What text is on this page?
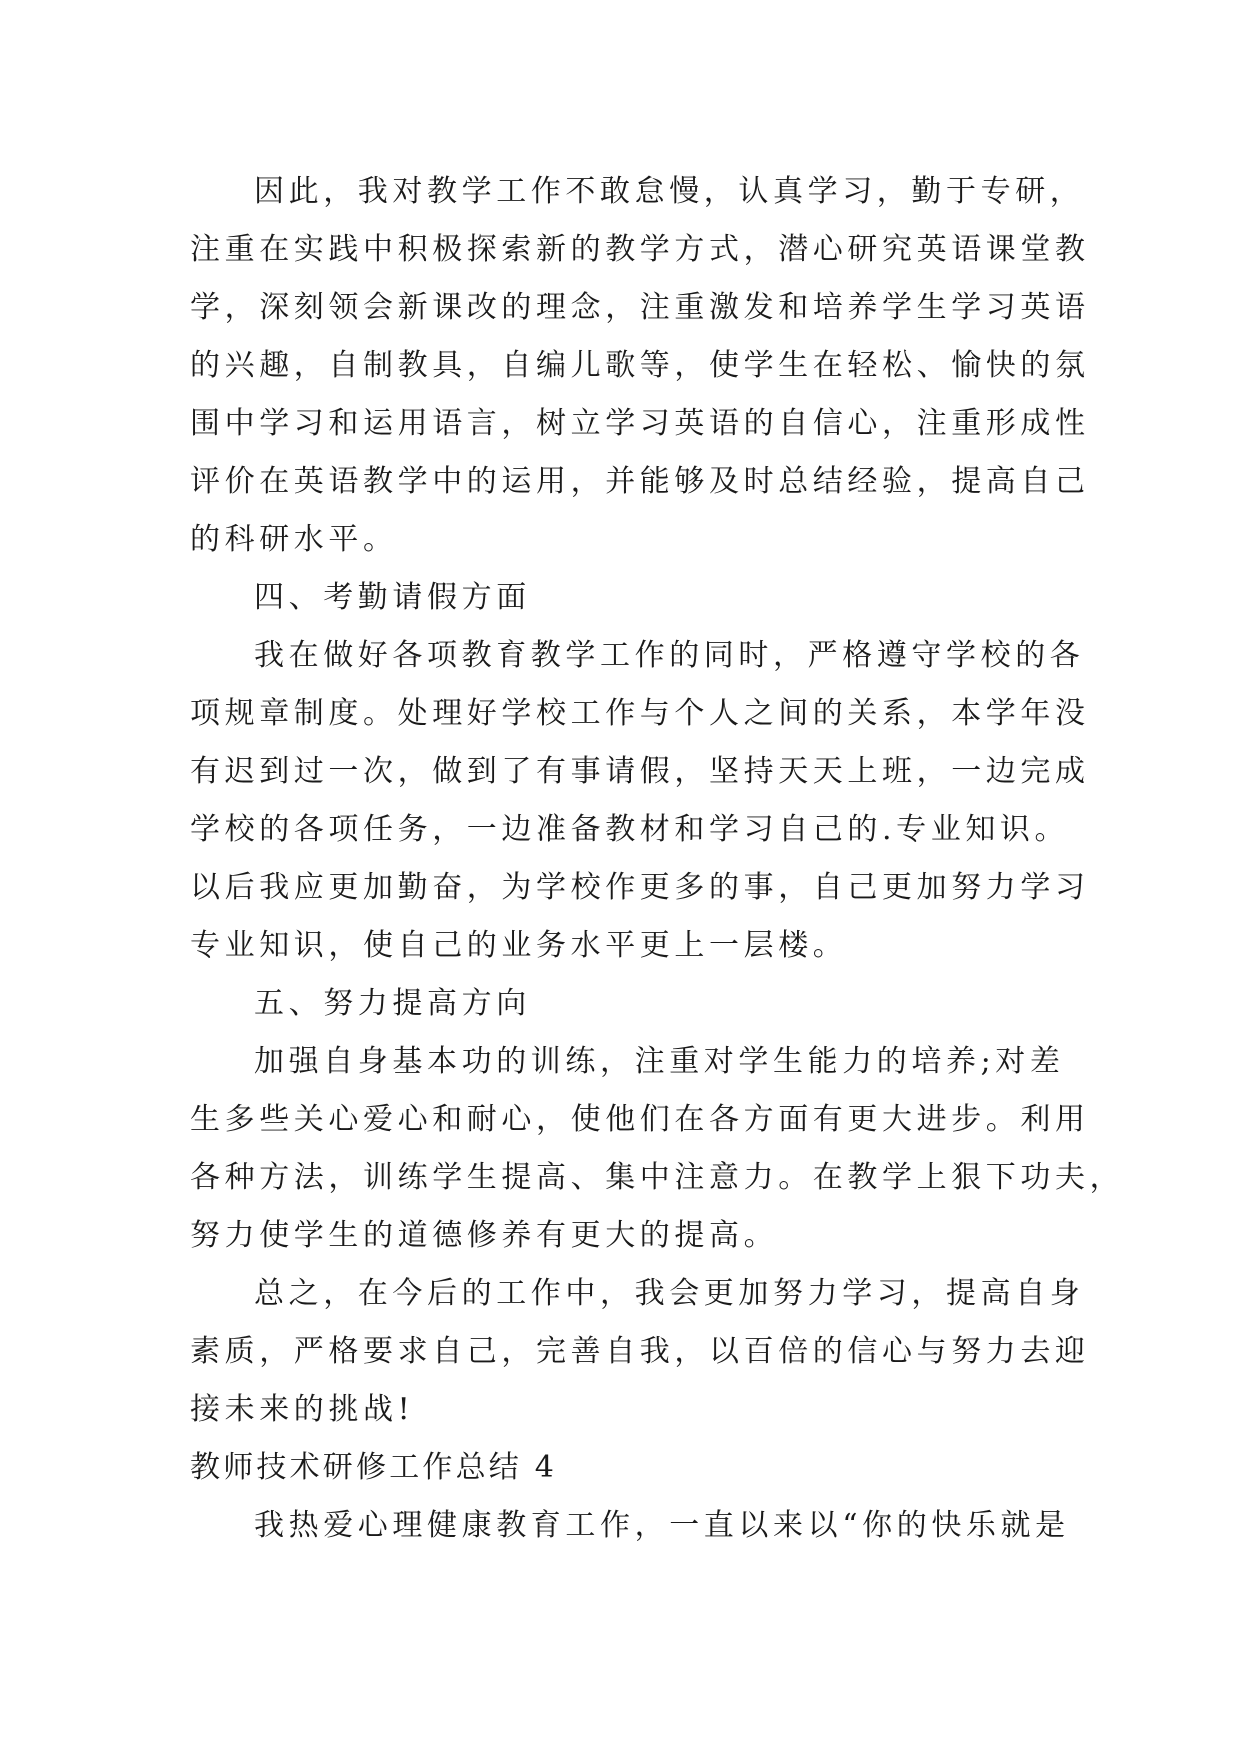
因此，我对教学工作不敢怠慢，认真学习，勤于专研，
注重在实践中积极探索新的教学方式，潜心研究英语课堂教
学，深刻领会新课改的理念，注重激发和培养学生学习英语
的兴趣，自制教具，自编儿歌等，使学生在轻松、愉快的氛
围中学习和运用语言，树立学习英语的自信心，注重形成性
评价在英语教学中的运用，并能够及时总结经验，提高自己
的科研水平。
四、考勤请假方面
我在做好各项教育教学工作的同时，严格遵守学校的各
项规章制度。处理好学校工作与个人之间的关系，本学年没
有迟到过一次，做到了有事请假，坚持天天上班，一边完成
学校的各项任务，一边准备教材和学习自己的.专业知识。
以后我应更加勤奋，为学校作更多的事，自己更加努力学习
专业知识，使自己的业务水平更上一层楼。
五、努力提高方向
加强自身基本功的训练，注重对学生能力的培养;对差
生多些关心爱心和耐心，使他们在各方面有更大进步。利用
各种方法，训练学生提高、集中注意力。在教学上狠下功夫，
努力使学生的道德修养有更大的提高。
总之，在今后的工作中，我会更加努力学习，提高自身
素质，严格要求自己，完善自我，以百倍的信心与努力去迎
接未来的挑战!
教师技术研修工作总结 4
我热爱心理健康教育工作，一直以来以“你的快乐就是
